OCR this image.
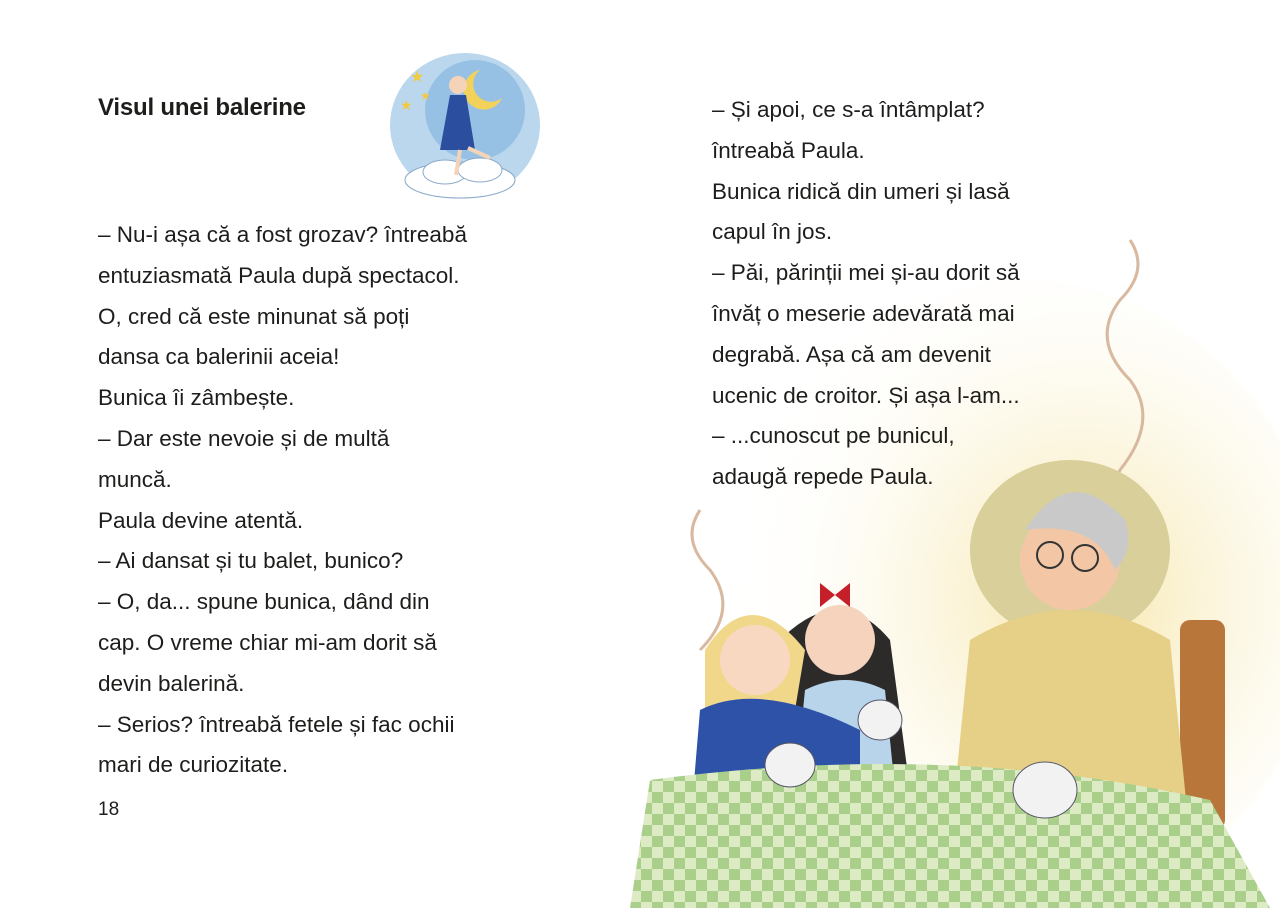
Visul unei balerine
★
★
★
– Nu-i așa că a fost grozav? întreabă
entuziasmată Paula după spectacol.
O, cred că este minunat să poți
dansa ca balerinii aceia!
Bunica îi zâmbește.
– Dar este nevoie și de multă
muncă.
Paula devine atentă.
– Ai dansat și tu balet, bunico?
– O, da... spune bunica, dând din
cap. O vreme chiar mi-am dorit să
devin balerină.
– Serios? întreabă fetele și fac ochii
mari de curiozitate.
18
– Și apoi, ce s-a întâmplat?
întreabă Paula.
Bunica ridică din umeri și lasă
capul în jos.
– Păi, părinții mei și-au dorit să
învăț o meserie adevărată mai
degrabă. Așa că am devenit
ucenic de croitor. Și așa l-am...
– ...cunoscut pe bunicul,
adaugă repede Paula.
